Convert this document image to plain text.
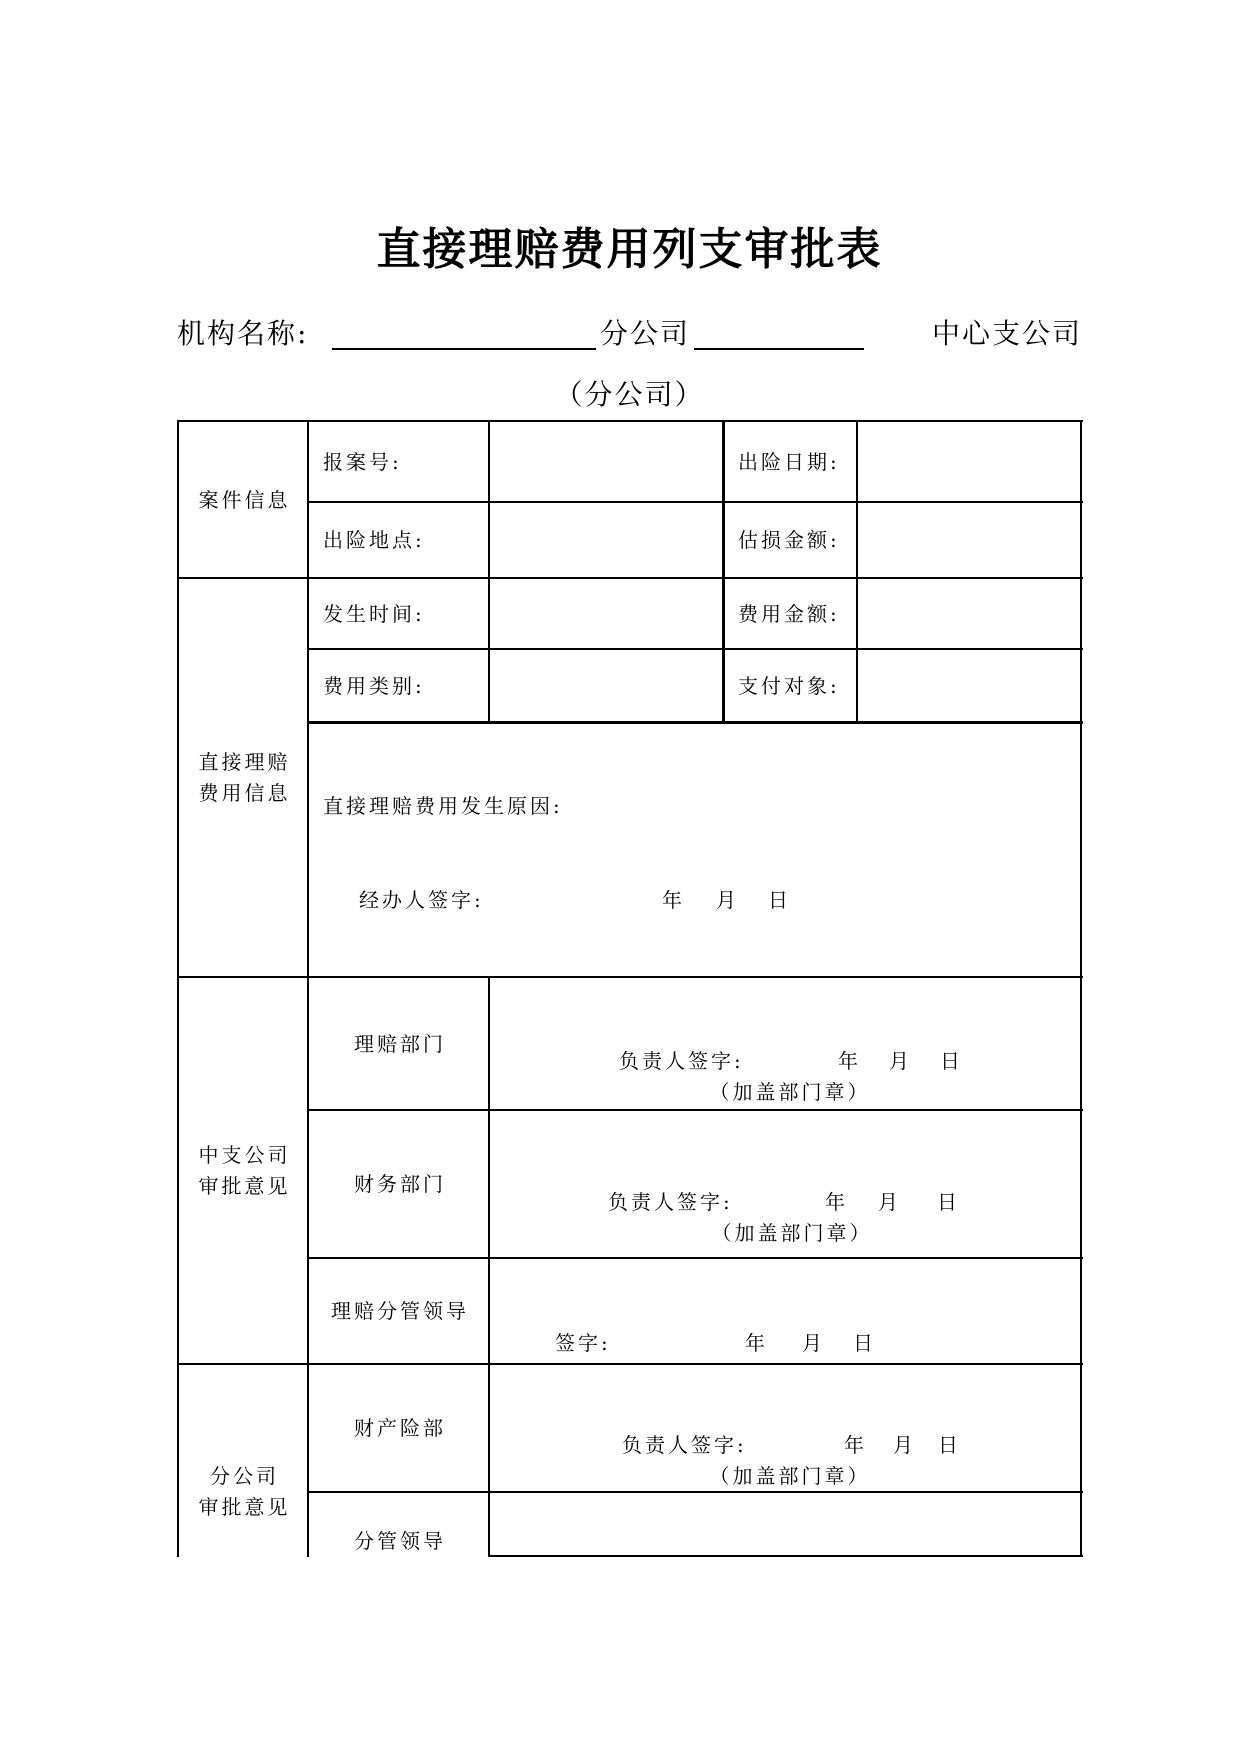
直接理赔费用列支审批表
机构名称:	分公司	中心支公司
（分公司）
案件信息
报案号:	出险日期:
出险地点:	估损金额:
直接理赔
费用信息
发生时间:	费用金额:
费用类别:	支付对象:
直接理赔费用发生原因:
经办人签字:	年 月 日
中支公司
审批意见
理赔部门
负责人签字:	年 月 日
（加盖部门章）
财务部门
负责人签字:	年 月 日
（加盖部门章）
理赔分管领导
签字:	年 月 日
分公司
审批意见
财产险部
负责人签字:	年 月 日
（加盖部门章）
分管领导
